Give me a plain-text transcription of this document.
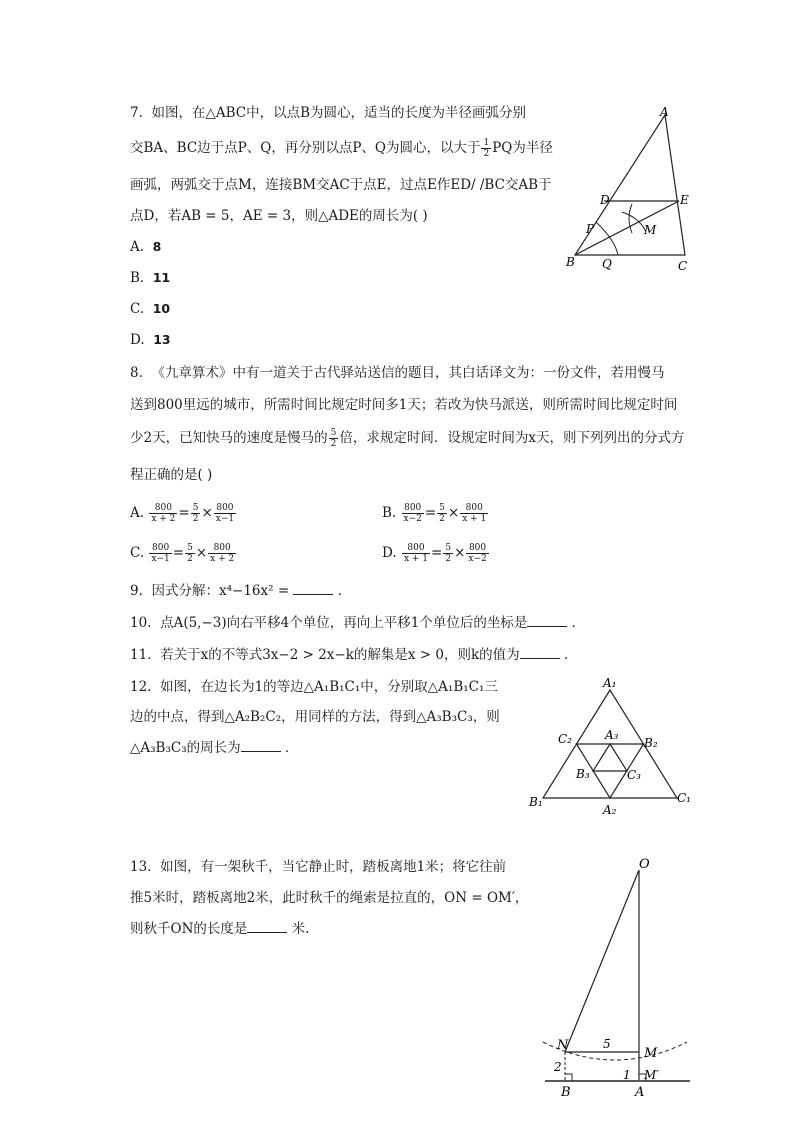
7. 如图，在△ABC中，以点B为圆心，适当的长度为半径画弧分别
交BA、BC边于点P、Q，再分别以点P、Q为圆心，以大于 $\frac{1}{2}$ PQ为半径
画弧，两弧交于点M，连接BM交AC于点E，过点E作ED/ /BC交AB于
点D，若AB = 5，AE = 3，则△ADE的周长为( )
A. 8
B. 11
C. 10
D. 13
A
B	C
D	E
P
Q
M
8. 《九章算术》中有一道关于古代驿站送信的题目，其白话译文为：一份文件，若用慢马
送到800里远的城市，所需时间比规定时间多1天；若改为快马派送，则所需时间比规定时间
少2天，已知快马的速度是慢马的 $\frac{5}{2}$ 倍，求规定时间．设规定时间为x天，则下列列出的分式方
程正确的是( )
A. $\frac{800}{x + 2} = \frac{5}{2} \times \frac{800}{x-1}$	B. $\frac{800}{x-2} = \frac{5}{2} \times \frac{800}{x + 1}$
C. $\frac{800}{x-1} = \frac{5}{2} \times \frac{800}{x + 2}$	D. $\frac{800}{x + 1} = \frac{5}{2} \times \frac{800}{x-2}$
9. 因式分解：x⁴−16x² =	．
10. 点A(5,−3)向右平移4个单位，再向上平移1个单位后的坐标是	．
11. 若关于x的不等式3x−2 > 2x−k的解集是x > 0，则k的值为	．
12. 如图，在边长为1的等边△A₁B₁C₁中，分别取△A₁B₁C₁三
边的中点，得到△A₂B₂C₂，用同样的方法，得到△A₃B₃C₃，则
△A₃B₃C₃的周长为	．
A₁
B₁	C₁
A₂
B₂
C₂	A₃
B₃	C₃
13. 如图，有一架秋千，当它静止时，踏板离地1米；将它往前
推5米时，踏板离地2米，此时秋千的绳索是拉直的，ON = OM′，
则秋千ON的长度是	米.
O
N
M
M′
A
B
5
2
1
